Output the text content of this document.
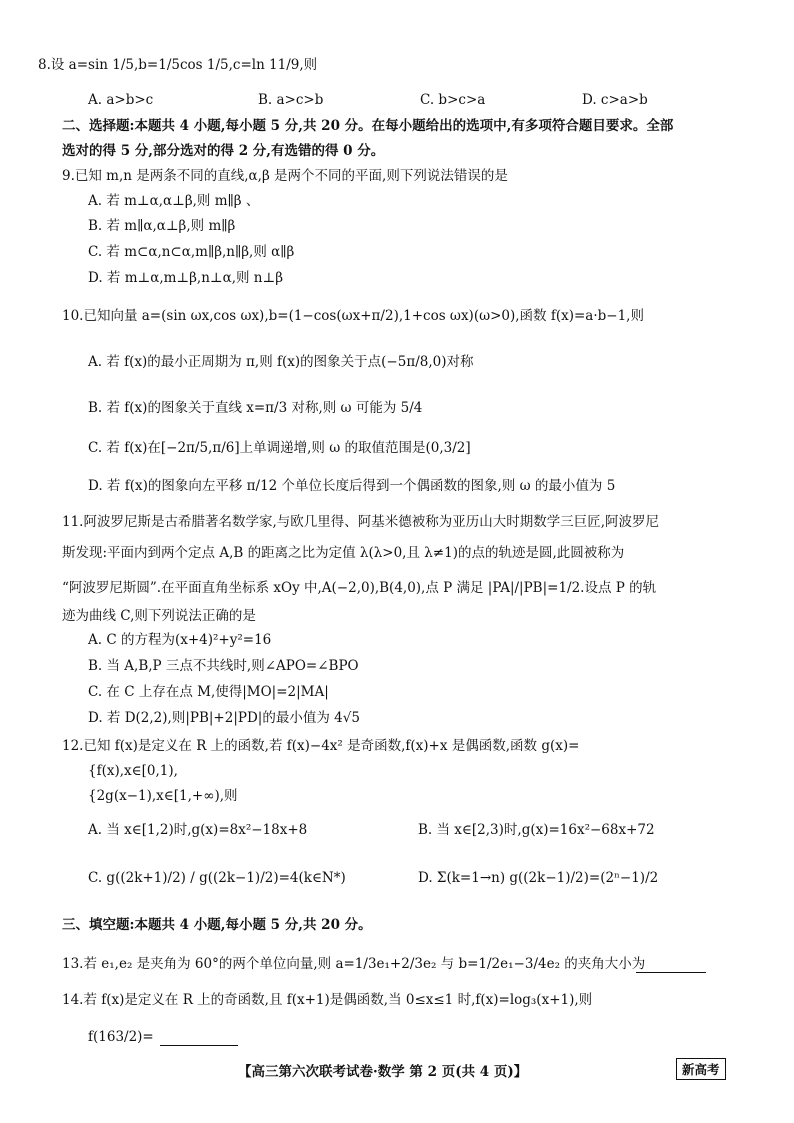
8.设 a=sin 1/5,b=1/5cos 1/5,c=ln 11/9,则
A. a>b>c	B. a>c>b	C. b>c>a	D. c>a>b
二、选择题:本题共 4 小题,每小题 5 分,共 20 分。在每小题给出的选项中,有多项符合题目要求。全部
选对的得 5 分,部分选对的得 2 分,有选错的得 0 分。
9.已知 m,n 是两条不同的直线,α,β 是两个不同的平面,则下列说法错误的是
A. 若 m⊥α,α⊥β,则 m∥β 、
B. 若 m∥α,α⊥β,则 m∥β
C. 若 m⊂α,n⊂α,m∥β,n∥β,则 α∥β
D. 若 m⊥α,m⊥β,n⊥α,则 n⊥β
10.已知向量 a=(sin ωx,cos ωx),b=(1−cos(ωx+π/2),1+cos ωx)(ω>0),函数 f(x)=a·b−1,则
A. 若 f(x)的最小正周期为 π,则 f(x)的图象关于点(−5π/8,0)对称
B. 若 f(x)的图象关于直线 x=π/3 对称,则 ω 可能为 5/4
C. 若 f(x)在[−2π/5,π/6]上单调递增,则 ω 的取值范围是(0,3/2]
D. 若 f(x)的图象向左平移 π/12 个单位长度后得到一个偶函数的图象,则 ω 的最小值为 5
11.阿波罗尼斯是古希腊著名数学家,与欧几里得、阿基米德被称为亚历山大时期数学三巨匠,阿波罗尼
斯发现:平面内到两个定点 A,B 的距离之比为定值 λ(λ>0,且 λ≠1)的点的轨迹是圆,此圆被称为
“阿波罗尼斯圆”.在平面直角坐标系 xOy 中,A(−2,0),B(4,0),点 P 满足 |PA|/|PB|=1/2.设点 P 的轨
迹为曲线 C,则下列说法正确的是
A. C 的方程为(x+4)²+y²=16
B. 当 A,B,P 三点不共线时,则∠APO=∠BPO
C. 在 C 上存在点 M,使得|MO|=2|MA|
D. 若 D(2,2),则|PB|+2|PD|的最小值为 4√5
12.已知 f(x)是定义在 R 上的函数,若 f(x)−4x² 是奇函数,f(x)+x 是偶函数,函数 g(x)=
{f(x),x∈[0,1),
{2g(x−1),x∈[1,+∞),则
A. 当 x∈[1,2)时,g(x)=8x²−18x+8	B. 当 x∈[2,3)时,g(x)=16x²−68x+72
C. g((2k+1)/2) / g((2k−1)/2)=4(k∈N*)	D. Σ(k=1→n) g((2k−1)/2)=(2ⁿ−1)/2
三、填空题:本题共 4 小题,每小题 5 分,共 20 分。
13.若 e₁,e₂ 是夹角为 60°的两个单位向量,则 a=1/3e₁+2/3e₂ 与 b=1/2e₁−3/4e₂ 的夹角大小为
14.若 f(x)是定义在 R 上的奇函数,且 f(x+1)是偶函数,当 0≤x≤1 时,f(x)=log₃(x+1),则
f(163/2)=
【高三第六次联考试卷·数学 第 2 页(共 4 页)】	新高考
